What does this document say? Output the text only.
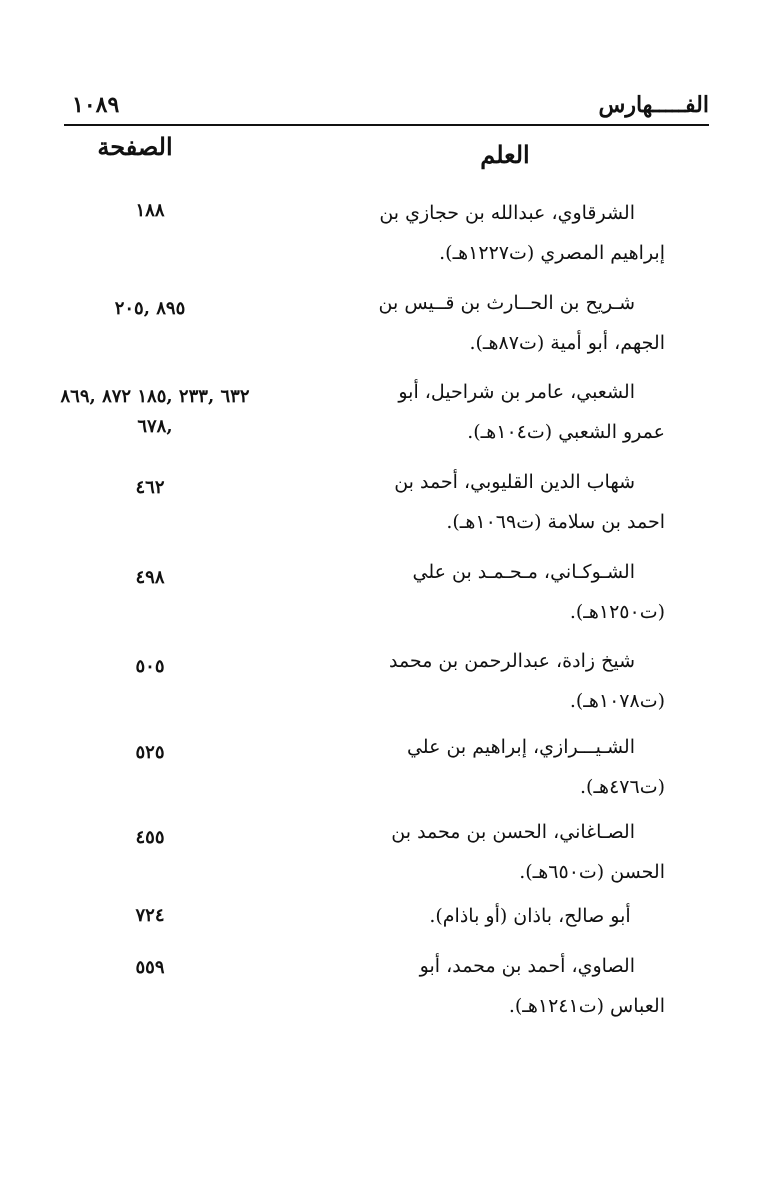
الفـــــهارس
١٠٨٩
العلم
الصفحة
الشرقاوي، عبدالله بن حجازي بن
إبراهيم المصري (ت١٢٢٧هـ).
١٨٨
شـريح بن الحــارث بن قــيس بن
الجهم، أبو أمية (ت٨٧هـ).
٨٩٥ ,٢٠٥
الشعبي، عامر بن شراحيل، أبو
عمرو الشعبي (ت١٠٤هـ).
٦٣٢ ,٢٣٣ ,١٨٥ ٨٧٢ ,٨٦٩ ,٦٧٨
شهاب الدين القليوبي، أحمد بن
احمد بن سلامة (ت١٠٦٩هـ).
٤٦٢
الشـوكـاني، مـحـمـد بن علي
(ت١٢٥٠هـ).
٤٩٨
شيخ زادة، عبدالرحمن بن محمد
(ت١٠٧٨هـ).
٥٠٥
الشـيـــرازي، إبراهيم بن علي
(ت٤٧٦هـ).
٥٢٥
الصـاغاني، الحسن بن محمد بن
الحسن (ت٦٥٠هـ).
٤٥٥
أبو صالح، باذان (أو باذام).
٧٢٤
الصاوي، أحمد بن محمد، أبو
العباس (ت١٢٤١هـ).
٥٥٩
